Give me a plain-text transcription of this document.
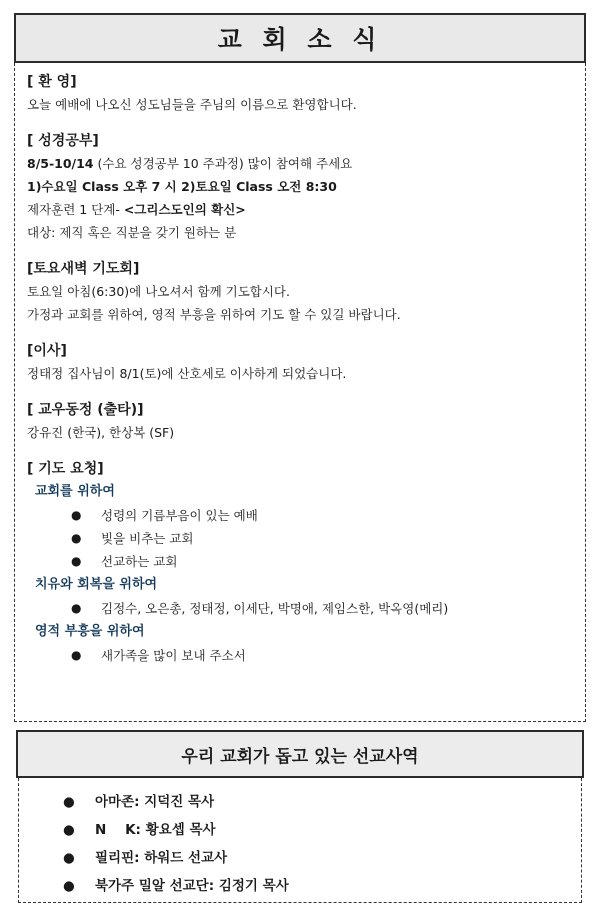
교 회 소 식
[ 환 영]
오늘 예배에 나오신 성도님들을 주님의 이름으로 환영합니다.
[ 성경공부]
8/5-10/14 (수요 성경공부 10 주과정) 많이 참여해 주세요
1)수요일 Class 오후 7 시 2)토요일 Class 오전 8:30
제자훈련 1 단계- <그리스도인의 확신>
대상: 제직 혹은 직분을 갖기 원하는 분
[토요새벽 기도회]
토요일 아침(6:30)에 나오셔서 함께 기도합시다.
가정과 교회를 위하여, 영적 부흥을 위하여 기도 할 수 있길 바랍니다.
[이사]
정태정 집사님이 8/1(토)에 산호세로 이사하게 되었습니다.
[ 교우동정 (출타)]
강유진 (한국), 한상복 (SF)
[ 기도 요청]
교회를 위하여
● 성령의 기름부음이 있는 예배
● 빛을 비추는 교회
● 선교하는 교회
치유와 회복을 위하여
● 김정수, 오은총, 정태정, 이세단, 박명애, 제임스한, 박옥영(메리)
영적 부흥을 위하여
● 새가족을 많이 보내 주소서
우리 교회가 돕고 있는 선교사역
● 아마존: 지덕진 목사
● N    K: 황요셉 목사
● 필리핀: 하워드 선교사
● 북가주 밀알 선교단: 김정기 목사
